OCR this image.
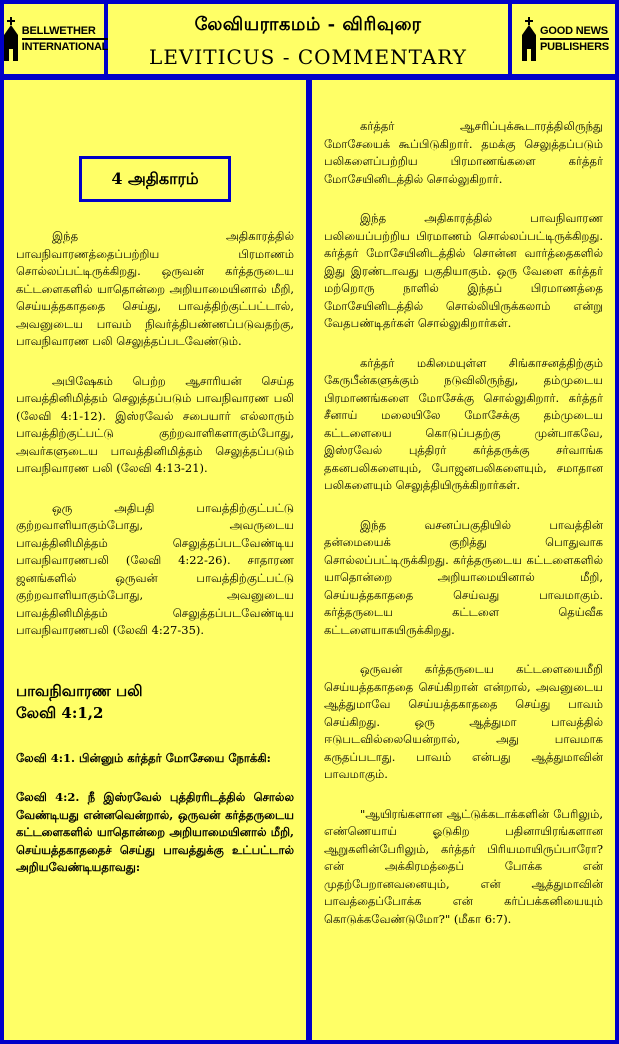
BELLWETHER
INTERNATIONAL
லேவியராகமம் - விரிவுரை
LEVITICUS - COMMENTARY
GOOD NEWS
PUBLISHERS
4 அதிகாரம்

இந்த அதிகாரத்தில் பாவநிவாரணத்தைப்பற்றிய பிரமாணம் சொல்லப்பட்டிருக்கிறது. ஒருவன் கர்த்தருடைய கட்டளைகளில் யாதொன்றை அறியாமையினால் மீறி, செய்யத்தகாததை செய்து, பாவத்திற்குட்பட்டால், அவனுடைய பாவம் நிவர்த்திபண்ணப்படுவதற்கு, பாவநிவாரண பலி செலுத்தப்படவேண்டும்.

அபிஷேகம் பெற்ற ஆசாரியன் செய்த பாவத்தினிமித்தம் செலுத்தப்படும் பாவநிவாரண பலி (லேவி 4:1-12). இஸ்ரவேல் சபையார் எல்லாரும் பாவத்திற்குட்பட்டு குற்றவாளிகளாகும்போது, அவர்களுடைய பாவத்தினிமித்தம் செலுத்தப்படும் பாவநிவாரண பலி (லேவி 4:13-21).

ஒரு அதிபதி பாவத்திற்குட்பட்டு குற்றவாளியாகும்போது, அவருடைய பாவத்தினிமித்தம் செலுத்தப்படவேண்டிய பாவநிவாரணபலி (லேவி 4:22-26). சாதாரண ஜனங்களில் ஒருவன் பாவத்திற்குட்பட்டு குற்றவாளியாகும்போது, அவனுடைய பாவத்தினிமித்தம் செலுத்தப்படவேண்டிய பாவநிவாரணபலி (லேவி 4:27-35).

பாவநிவாரண பலி
லேவி 4:1,2

லேவி 4:1. பின்னும் கர்த்தர் மோசேயை நோக்கி:

லேவி 4:2. நீ இஸ்ரவேல் புத்திரரிடத்தில் சொல்ல வேண்டியது என்னவென்றால், ஒருவன் கர்த்தருடைய கட்டளைகளில் யாதொன்றை அறியாமையினால் மீறி, செய்யத்தகாததைச் செய்து பாவத்துக்கு உட்பட்டால் அறியவேண்டியதாவது:

கர்த்தர் ஆசரிப்புக்கூடாரத்திலிருந்து மோசேயைக் கூப்பிடுகிறார். தமக்கு செலுத்தப்படும் பலிகளைப்பற்றிய பிரமாணங்களை கர்த்தர் மோசேயினிடத்தில் சொல்லுகிறார்.

இந்த அதிகாரத்தில் பாவநிவாரண பலியைப்பற்றிய பிரமாணம் சொல்லப்பட்டிருக்கிறது. கர்த்தர் மோசேயினிடத்தில் சொன்ன வார்த்தைகளில் இது இரண்டாவது பகுதியாகும். ஒரு வேளை கர்த்தர் மற்றொரு நாளில் இந்தப் பிரமாணத்தை மோசேயினிடத்தில் சொல்லியிருக்கலாம் என்று வேதபண்டிதர்கள் சொல்லுகிறார்கள்.

கர்த்தர் மகிமையுள்ள சிங்காசனத்திற்கும் கேருபீன்களுக்கும் நடுவிலிருந்து, தம்முடைய பிரமாணங்களை மோசேக்கு சொல்லுகிறார். கர்த்தர் சீனாய் மலையிலே மோசேக்கு தம்முடைய கட்டளையை கொடுப்பதற்கு முன்பாகவே, இஸ்ரவேல் புத்திரர் கர்த்தருக்கு சர்வாங்க தகனபலிகளையும், போஜனபலிகளையும், சமாதான பலிகளையும் செலுத்தியிருக்கிறார்கள்.

இந்த வசனப்பகுதியில் பாவத்தின் தன்மையைக் குறித்து பொதுவாக சொல்லப்பட்டிருக்கிறது. கர்த்தருடைய கட்டளைகளில் யாதொன்றை அறியாமையினால் மீறி, செய்யத்தகாததை செய்வது பாவமாகும். கர்த்தருடைய கட்டளை தெய்வீக கட்டளையாகயிருக்கிறது.

ஒருவன் கர்த்தருடைய கட்டளையைமீறி செய்யத்தகாததை செய்கிறான் என்றால், அவனுடைய ஆத்துமாவே செய்யத்தகாததை செய்து பாவம் செய்கிறது. ஒரு ஆத்துமா பாவத்தில் ஈடுபடவில்லையென்றால், அது பாவமாக கருதப்படாது. பாவம் என்பது ஆத்துமாவின் பாவமாகும்.

"ஆயிரங்களான ஆட்டுக்கடாக்களின் பேரிலும், எண்ணெயாய் ஓடுகிற பதினாயிரங்களான ஆறுகளின்பேரிலும், கர்த்தர் பிரியமாயிருப்பாரோ? என் அக்கிரமத்தைப் போக்க என் முதற்பேறானவனையும், என் ஆத்துமாவின் பாவத்தைப்போக்க என் கர்ப்பக்கனியையும் கொடுக்கவேண்டுமோ?" (மீகா 6:7).
